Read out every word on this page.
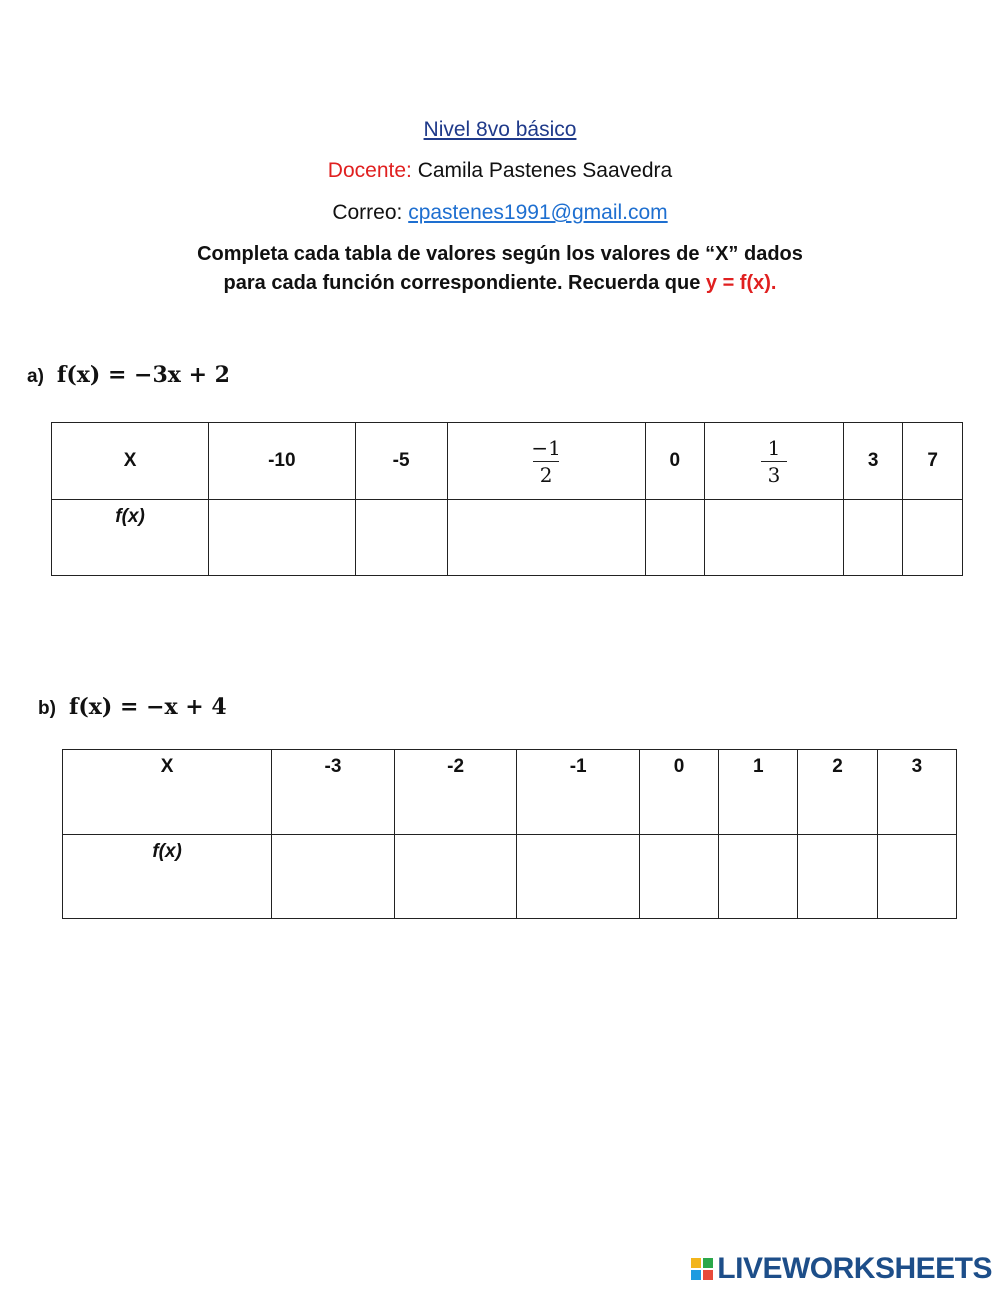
Nivel 8vo básico
Docente: Camila Pastenes Saavedra
Correo: cpastenes1991@gmail.com
Completa cada tabla de valores según los valores de “X” dados
para cada función correspondiente. Recuerda que y = f(x).
a) f(x) = −3x + 2
X	-10	-5	$\frac{-1}{2}$	0	$\frac{1}{3}$	3	7
f(x)							
b) f(x) = −x + 4
X	-3	-2	-1	0	1	2	3
f(x)							
LIVEWORKSHEETS
